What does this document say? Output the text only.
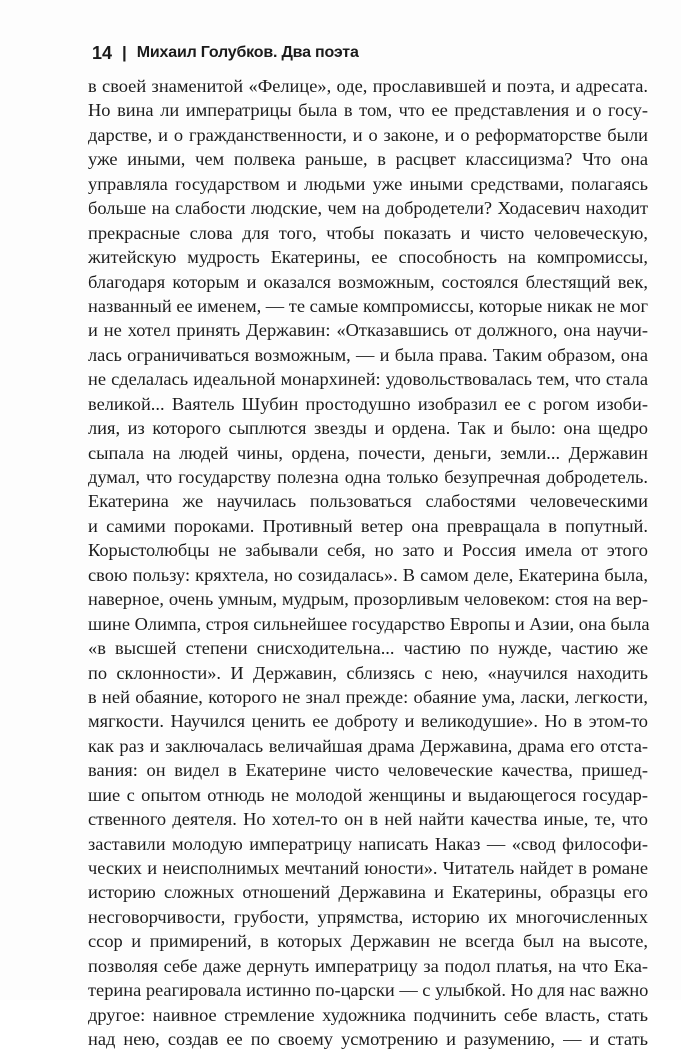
14 | Михаил Голубков. Два поэта
в своей знаменитой «Фелице», оде, прославившей и поэта, и адресата.
Но вина ли императрицы была в том, что ее представления и о госу-
дарстве, и о гражданственности, и о законе, и о реформаторстве были
уже иными, чем полвека раньше, в расцвет классицизма? Что она
управляла государством и людьми уже иными средствами, полагаясь
больше на слабости людские, чем на добродетели? Ходасевич находит
прекрасные слова для того, чтобы показать и чисто человеческую,
житейскую мудрость Екатерины, ее способность на компромиссы,
благодаря которым и оказался возможным, состоялся блестящий век,
названный ее именем, — те самые компромиссы, которые никак не мог
и не хотел принять Державин: «Отказавшись от должного, она научи-
лась ограничиваться возможным, — и была права. Таким образом, она
не сделалась идеальной монархиней: удовольствовалась тем, что стала
великой... Ваятель Шубин простодушно изобразил ее с рогом изоби-
лия, из которого сыплются звезды и ордена. Так и было: она щедро
сыпала на людей чины, ордена, почести, деньги, земли... Державин
думал, что государству полезна одна только безупречная добродетель.
Екатерина же научилась пользоваться слабостями человеческими
и самими пороками. Противный ветер она превращала в попутный.
Корыстолюбцы не забывали себя, но зато и Россия имела от этого
свою пользу: кряхтела, но созидалась». В самом деле, Екатерина была,
наверное, очень умным, мудрым, прозорливым человеком: стоя на вер-
шине Олимпа, строя сильнейшее государство Европы и Азии, она была
«в высшей степени снисходительна... частию по нужде, частию же
по склонности». И Державин, сблизясь с нею, «научился находить
в ней обаяние, которого не знал прежде: обаяние ума, ласки, легкости,
мягкости. Научился ценить ее доброту и великодушие». Но в этом-то
как раз и заключалась величайшая драма Державина, драма его отста-
вания: он видел в Екатерине чисто человеческие качества, пришед-
шие с опытом отнюдь не молодой женщины и выдающегося государ-
ственного деятеля. Но хотел-то он в ней найти качества иные, те, что
заставили молодую императрицу написать Наказ — «свод философи-
ческих и неисполнимых мечтаний юности». Читатель найдет в романе
историю сложных отношений Державина и Екатерины, образцы его
несговорчивости, грубости, упрямства, историю их многочисленных
ссор и примирений, в которых Державин не всегда был на высоте,
позволяя себе даже дернуть императрицу за подол платья, на что Ека-
терина реагировала истинно по-царски — с улыбкой. Но для нас важно
другое: наивное стремление художника подчинить себе власть, стать
над нею, создав ее по своему усмотрению и разумению, — и стать
